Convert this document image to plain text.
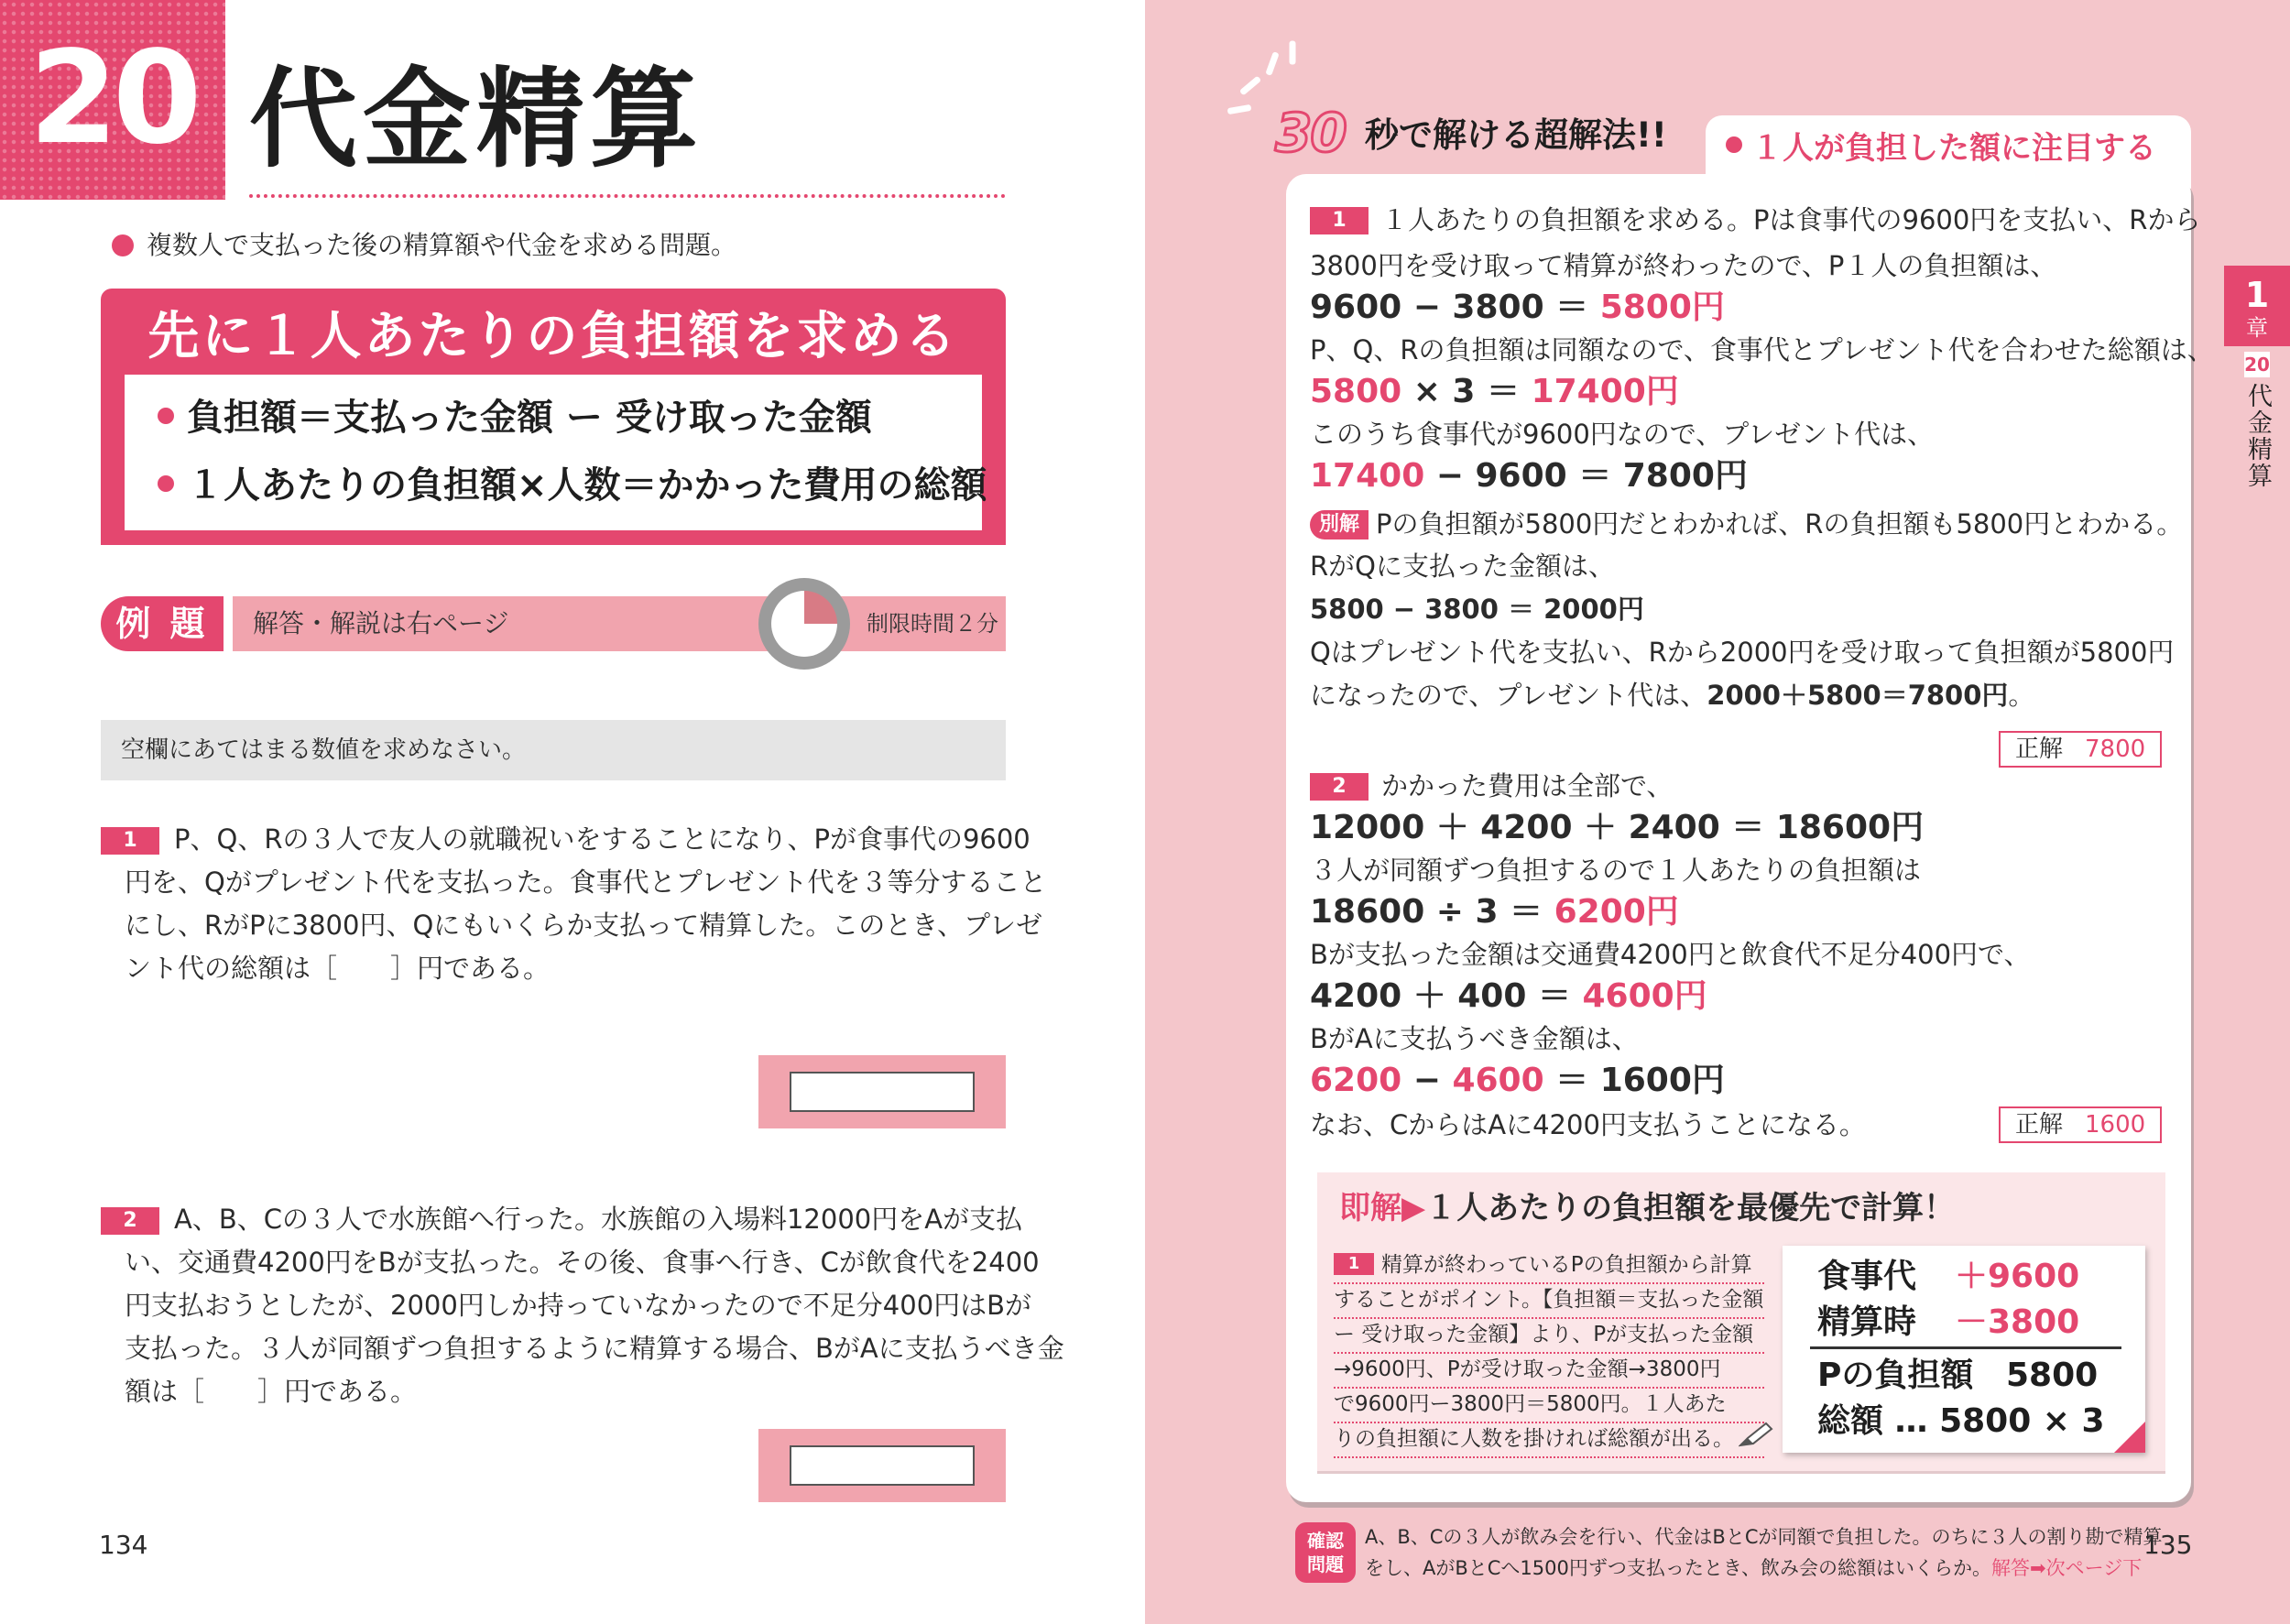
20 代金精算
複数人で支払った後の精算額や代金を求める問題。
先に１人あたりの負担額を求める
負担額＝支払った金額 ー 受け取った金額
１人あたりの負担額×人数＝かかった費用の総額
例 題	解答・解説は右ページ	制限時間２分
空欄にあてはまる数値を求めなさい。
1 P、Q、Rの３人で友人の就職祝いをすることになり、Pが食事代の9600
円を、Qがプレゼント代を支払った。食事代とプレゼント代を３等分すること
にし、RがPに3800円、Qにもいくらか支払って精算した。このとき、プレゼ
ント代の総額は［　　］円である。
2 A、B、Cの３人で水族館へ行った。水族館の入場料12000円をAが支払
い、交通費4200円をBが支払った。その後、食事へ行き、Cが飲食代を2400
円支払おうとしたが、2000円しか持っていなかったので不足分400円はBが
支払った。３人が同額ずつ負担するように精算する場合、BがAに支払うべき金
額は［　　］円である。
134
30 秒で解ける超解法!!	１人が負担した額に注目する
1 １人あたりの負担額を求める。Pは食事代の9600円を支払い、Rから
3800円を受け取って精算が終わったので、P１人の負担額は、
9600 − 3800 ＝ 5800円
P、Q、Rの負担額は同額なので、食事代とプレゼント代を合わせた総額は、
5800 × 3 ＝ 17400円
このうち食事代が9600円なので、プレゼント代は、
17400 − 9600 ＝ 7800円
別解 Pの負担額が5800円だとわかれば、Rの負担額も5800円とわかる。
RがQに支払った金額は、
5800 − 3800 ＝ 2000円
Qはプレゼント代を支払い、Rから2000円を受け取って負担額が5800円
になったので、プレゼント代は、2000＋5800＝7800円。
正解 7800
2 かかった費用は全部で、
12000 ＋ 4200 ＋ 2400 ＝ 18600円
３人が同額ずつ負担するので１人あたりの負担額は
18600 ÷ 3 ＝ 6200円
Bが支払った金額は交通費4200円と飲食代不足分400円で、
4200 ＋ 400 ＝ 4600円
BがAに支払うべき金額は、
6200 − 4600 ＝ 1600円
なお、CからはAに4200円支払うことになる。	正解 1600
即解▶１人あたりの負担額を最優先で計算！
1 精算が終わっているPの負担額から計算
することがポイント。【負担額＝支払った金額
ー 受け取った金額】より、Pが支払った金額
→9600円、Pが受け取った金額→3800円
で9600円ー3800円＝5800円。１人あた
りの負担額に人数を掛ければ総額が出る。
食事代 ＋9600
精算時 －3800
Pの負担額 5800
総額 … 5800 × 3
1
章
20
代金精算
確認
問題
A、B、Cの３人が飲み会を行い、代金はBとCが同額で負担した。のちに３人の割り勘で精算
をし、AがBとCへ1500円ずつ支払ったとき、飲み会の総額はいくらか。解答➡次ページ下
135
